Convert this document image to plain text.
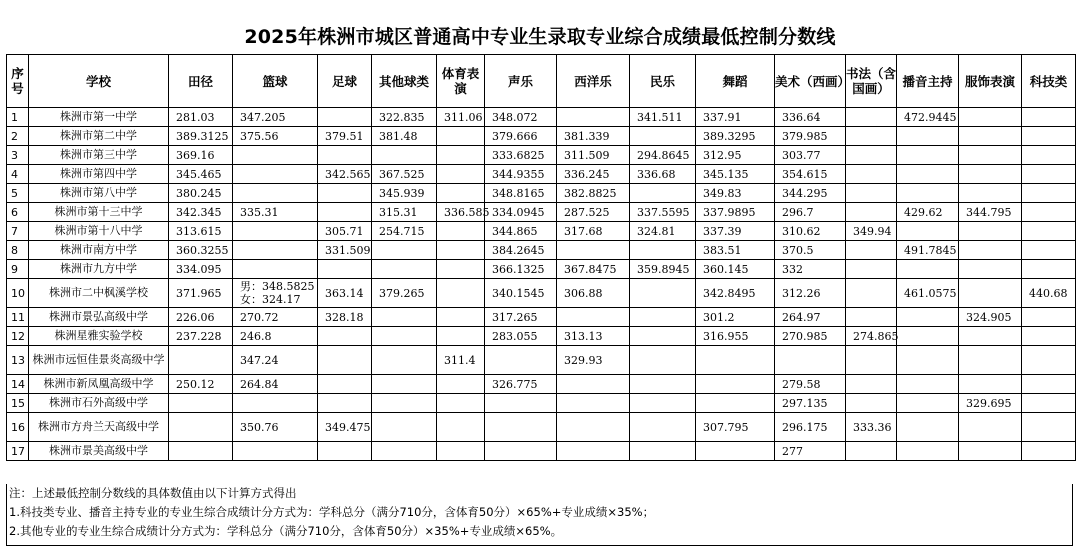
2025年株洲市城区普通高中专业生录取专业综合成绩最低控制分数线
序号	学校	田径	篮球	足球	其他球类	体育表演	声乐	西洋乐	民乐	舞蹈	美术（西画）	书法（含国画）	播音主持	服饰表演	科技类
1	株洲市第一中学	281.03	347.205		322.835	311.06	348.072		341.511	337.91	336.64		472.9445		
2	株洲市第二中学	389.3125	375.56	379.51	381.48		379.666	381.339		389.3295	379.985				
3	株洲市第三中学	369.16					333.6825	311.509	294.8645	312.95	303.77				
4	株洲市第四中学	345.465		342.565	367.525		344.9355	336.245	336.68	345.135	354.615				
5	株洲市第八中学	380.245			345.939		348.8165	382.8825		349.83	344.295				
6	株洲市第十三中学	342.345	335.31		315.31	336.585	334.0945	287.525	337.5595	337.9895	296.7		429.62	344.795	
7	株洲市第十八中学	313.615		305.71	254.715		344.865	317.68	324.81	337.39	310.62	349.94			
8	株洲市南方中学	360.3255		331.509			384.2645			383.51	370.5		491.7845		
9	株洲市九方中学	334.095					366.1325	367.8475	359.8945	360.145	332				
10	株洲市二中枫溪学校	371.965	男：348.5825
女：324.17	363.14	379.265		340.1545	306.88		342.8495	312.26		461.0575		440.68
11	株洲市景弘高级中学	226.06	270.72	328.18			317.265			301.2	264.97			324.905	
12	株洲星雅实验学校	237.228	246.8				283.055	313.13		316.955	270.985	274.865			
13	株洲市远恒佳景炎高级中学		347.24			311.4		329.93							
14	株洲市新凤凰高级中学	250.12	264.84				326.775				279.58				
15	株洲市石外高级中学										297.135			329.695	
16	株洲市方舟兰天高级中学		350.76	349.475						307.795	296.175	333.36			
17	株洲市景美高级中学										277				
注：上述最低控制分数线的具体数值由以下计算方式得出
1.科技类专业、播音主持专业的专业生综合成绩计分方式为：学科总分（满分710分，含体育50分）×65%+专业成绩×35%；
2.其他专业的专业生综合成绩计分方式为：学科总分（满分710分，含体育50分）×35%+专业成绩×65%。
